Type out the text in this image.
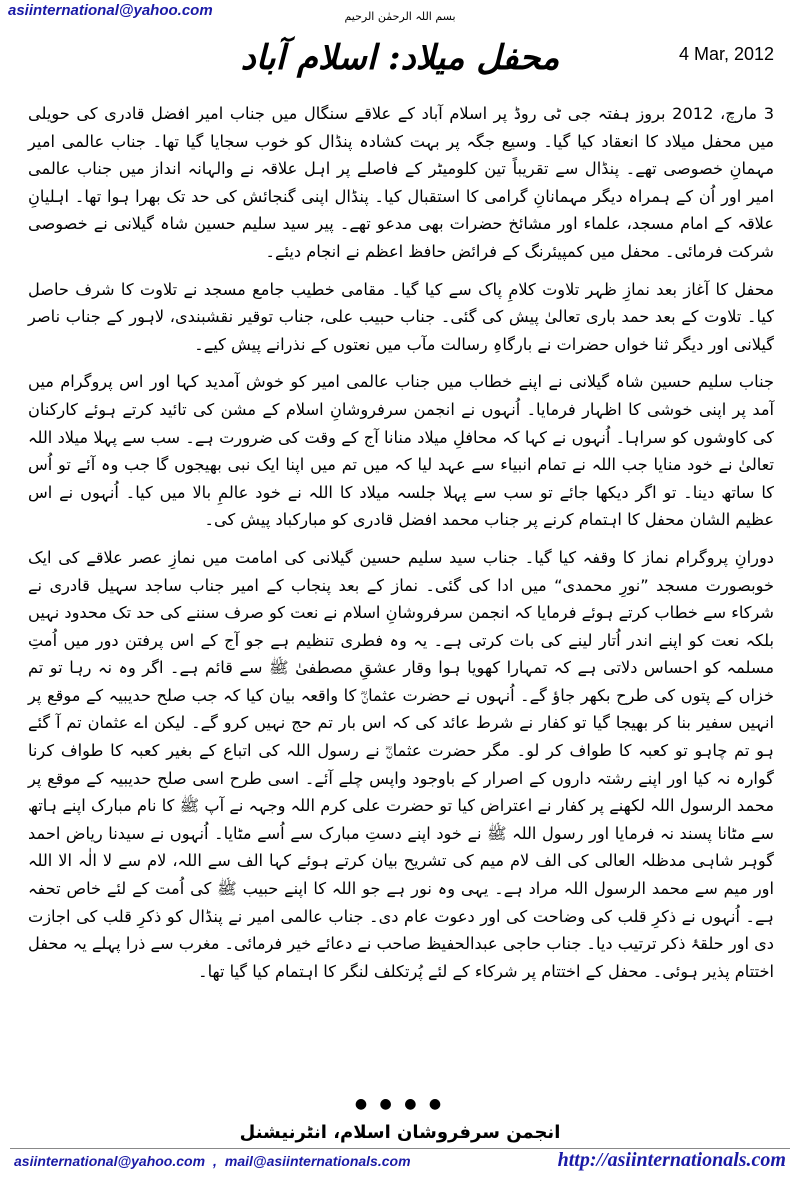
asiinternational@yahoo.com	بسم اللہ الرحمٰن الرحیم
محفل میلاد: اسلام آباد	4 Mar, 2012

3 مارچ، 2012 بروز ہفتہ جی ٹی روڈ پر اسلام آباد کے علاقے سنگال میں جناب امیر افضل قادری کی حویلی میں محفل میلاد کا انعقاد کیا گیا۔ وسیع جگہ پر بہت کشادہ پنڈال کو خوب سجایا گیا تھا۔ جناب عالمی امیر مہمانِ خصوصی تھے۔ پنڈال سے تقریباً تین کلومیٹر کے فاصلے پر اہل علاقہ نے والہانہ انداز میں جناب عالمی امیر اور اُن کے ہمراہ دیگر مہمانانِ گرامی کا استقبال کیا۔ پنڈال اپنی گنجائش کی حد تک بھرا ہوا تھا۔ اہلیانِ علاقہ کے امام مسجد، علماء اور مشائخ حضرات بھی مدعو تھے۔ پیر سید سلیم حسین شاہ گیلانی نے خصوصی شرکت فرمائی۔ محفل میں کمپیئرنگ کے فرائض حافظ اعظم نے انجام دیئے۔

محفل کا آغاز بعد نمازِ ظہر تلاوت کلامِ پاک سے کیا گیا۔ مقامی خطیب جامع مسجد نے تلاوت کا شرف حاصل کیا۔ تلاوت کے بعد حمد باری تعالیٰ پیش کی گئی۔ جناب حبیب علی، جناب توقیر نقشبندی، لاہور کے جناب ناصر گیلانی اور دیگر ثنا خواں حضرات نے بارگاہِ رسالت مآب میں نعتوں کے نذرانے پیش کیے۔

جناب سلیم حسین شاہ گیلانی نے اپنے خطاب میں جناب عالمی امیر کو خوش آمدید کہا اور اس پروگرام میں آمد پر اپنی خوشی کا اظہار فرمایا۔ اُنہوں نے انجمن سرفروشانِ اسلام کے مشن کی تائید کرتے ہوئے کارکنان کی کاوشوں کو سراہا۔ اُنہوں نے کہا کہ محافلِ میلاد منانا آج کے وقت کی ضرورت ہے۔ سب سے پہلا میلاد اللہ تعالیٰ نے خود منایا جب اللہ نے تمام انبیاء سے عہد لیا کہ میں تم میں اپنا ایک نبی بھیجوں گا جب وہ آئے تو اُس کا ساتھ دینا۔ تو اگر دیکھا جائے تو سب سے پہلا جلسہ میلاد کا اللہ نے خود عالمِ بالا میں کیا۔ اُنہوں نے اس عظیم الشان محفل کا اہتمام کرنے پر جناب محمد افضل قادری کو مبارکباد پیش کی۔

دورانِ پروگرام نماز کا وقفہ کیا گیا۔ جناب سید سلیم حسین گیلانی کی امامت میں نمازِ عصر علاقے کی ایک خوبصورت مسجد ”نورِ محمدی“ میں ادا کی گئی۔ نماز کے بعد پنجاب کے امیر جناب ساجد سہیل قادری نے شرکاء سے خطاب کرتے ہوئے فرمایا کہ انجمن سرفروشانِ اسلام نے نعت کو صرف سننے کی حد تک محدود نہیں بلکہ نعت کو اپنے اندر اُتار لینے کی بات کرتی ہے۔ یہ وہ فطری تنظیم ہے جو آج کے اس پرفتن دور میں اُمتِ مسلمہ کو احساس دلاتی ہے کہ تمہارا کھویا ہوا وقار عشقِ مصطفیٰ ﷺ سے قائم ہے۔ اگر وہ نہ رہا تو تم خزاں کے پتوں کی طرح بکھر جاؤ گے۔ اُنہوں نے حضرت عثمانؓ کا واقعہ بیان کیا کہ جب صلح حدیبیہ کے موقع پر انہیں سفیر بنا کر بھیجا گیا تو کفار نے شرط عائد کی کہ اس بار تم حج نہیں کرو گے۔ لیکن اے عثمان تم آ گئے ہو تم چاہو تو کعبہ کا طواف کر لو۔ مگر حضرت عثمانؓ نے رسول اللہ کی اتباع کے بغیر کعبہ کا طواف کرنا گوارہ نہ کیا اور اپنے رشتہ داروں کے اصرار کے باوجود واپس چلے آئے۔ اسی طرح اسی صلح حدیبیہ کے موقع پر محمد الرسول اللہ لکھنے پر کفار نے اعتراض کیا تو حضرت علی کرم اللہ وجہہ نے آپ ﷺ کا نام مبارک اپنے ہاتھ سے مٹانا پسند نہ فرمایا اور رسول اللہ ﷺ نے خود اپنے دستِ مبارک سے اُسے مٹایا۔ اُنہوں نے سیدنا ریاض احمد گوہر شاہی مدظلہ العالی کی الف لام میم کی تشریح بیان کرتے ہوئے کہا الف سے اللہ، لام سے لا الٰہ الا اللہ اور میم سے محمد الرسول اللہ مراد ہے۔ یہی وہ نور ہے جو اللہ کا اپنے حبیب ﷺ کی اُمت کے لئے خاص تحفہ ہے۔ اُنہوں نے ذکرِ قلب کی وضاحت کی اور دعوت عام دی۔ جناب عالمی امیر نے پنڈال کو ذکرِ قلب کی اجازت دی اور حلقۂ ذکر ترتیب دیا۔ جناب حاجی عبدالحفیظ صاحب نے دعائے خیر فرمائی۔ مغرب سے ذرا پہلے یہ محفل اختتام پذیر ہوئی۔ محفل کے اختتام پر شرکاء کے لئے پُرتکلف لنگر کا اہتمام کیا گیا تھا۔

● ● ● ●
انجمن سرفروشان اسلام، انٹرنیشنل
asiinternational@yahoo.com , mail@asiinternationals.com	http://asiinternationals.com
